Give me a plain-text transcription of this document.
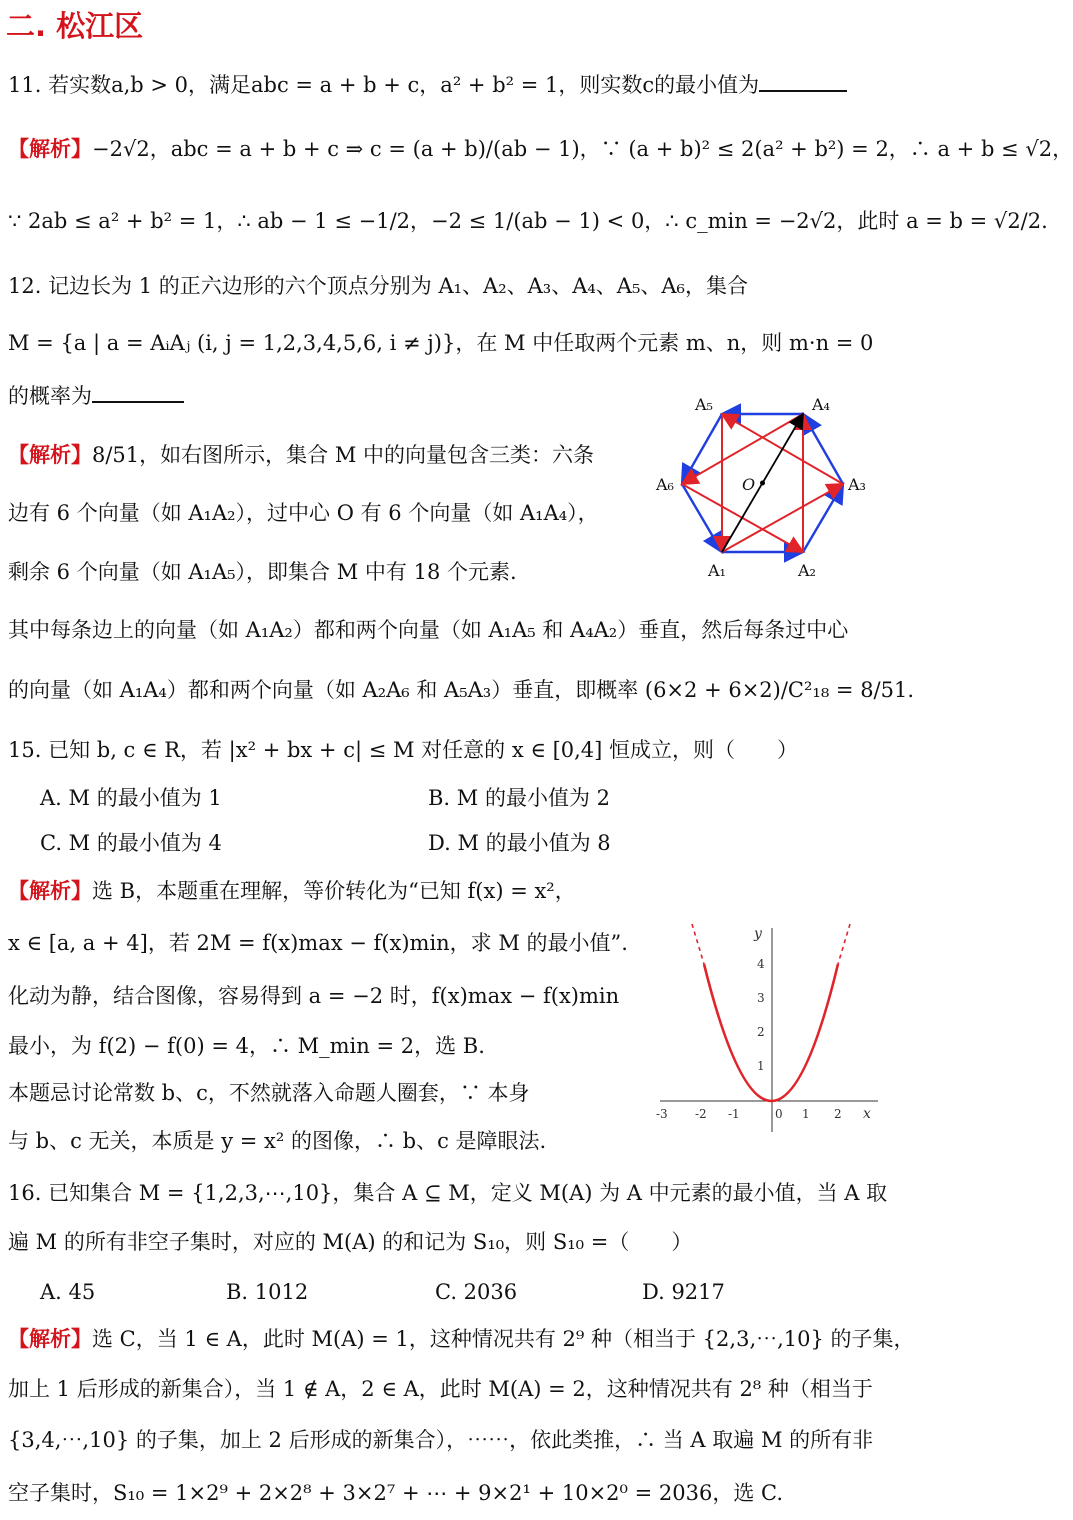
二. 松江区
11. 若实数a,b > 0，满足abc = a + b + c，a² + b² = 1，则实数c的最小值为
【解析】−2√2，abc = a + b + c ⇒ c = (a + b)/(ab − 1)，∵ (a + b)² ≤ 2(a² + b²) = 2，∴ a + b ≤ √2，
∵ 2ab ≤ a² + b² = 1，∴ ab − 1 ≤ −1/2，−2 ≤ 1/(ab − 1) < 0，∴ c_min = −2√2，此时 a = b = √2/2.
12. 记边长为 1 的正六边形的六个顶点分别为 A₁、A₂、A₃、A₄、A₅、A₆，集合
M = {a | a = AᵢAⱼ (i, j = 1,2,3,4,5,6, i ≠ j)}，在 M 中任取两个元素 m、n，则 m·n = 0
的概率为
【解析】8/51，如右图所示，集合 M 中的向量包含三类：六条
边有 6 个向量（如 A₁A₂），过中心 O 有 6 个向量（如 A₁A₄），
剩余 6 个向量（如 A₁A₅），即集合 M 中有 18 个元素.
其中每条边上的向量（如 A₁A₂）都和两个向量（如 A₁A₅ 和 A₄A₂）垂直，然后每条过中心
的向量（如 A₁A₄）都和两个向量（如 A₂A₆ 和 A₅A₃）垂直，即概率 (6×2 + 6×2)/C²₁₈ = 8/51.
A₁	A₂
A₃
A₄
A₅
A₆	O
15. 已知 b, c ∈ R，若 |x² + bx + c| ≤ M 对任意的 x ∈ [0,4] 恒成立，则（　　）
A. M 的最小值为 1	B. M 的最小值为 2
C. M 的最小值为 4	D. M 的最小值为 8
【解析】选 B，本题重在理解，等价转化为“已知 f(x) = x²，
x ∈ [a, a + 4]，若 2M = f(x)max − f(x)min，求 M 的最小值”.
化动为静，结合图像，容易得到 a = −2 时，f(x)max − f(x)min
最小，为 f(2) − f(0) = 4，∴ M_min = 2，选 B.
本题忌讨论常数 b、c，不然就落入命题人圈套，∵ 本身
与 b、c 无关，本质是 y = x² 的图像，∴ b、c 是障眼法.
-3 -2 -1	0 1 2
1
2
3
4
x
y
16. 已知集合 M = {1,2,3,⋯,10}，集合 A ⊆ M，定义 M(A) 为 A 中元素的最小值，当 A 取
遍 M 的所有非空子集时，对应的 M(A) 的和记为 S₁₀，则 S₁₀ =（　　）
A. 45	B. 1012	C. 2036	D. 9217
【解析】选 C，当 1 ∈ A，此时 M(A) = 1，这种情况共有 2⁹ 种（相当于 {2,3,⋯,10} 的子集，
加上 1 后形成的新集合），当 1 ∉ A，2 ∈ A，此时 M(A) = 2，这种情况共有 2⁸ 种（相当于
{3,4,⋯,10} 的子集，加上 2 后形成的新集合），⋯⋯，依此类推，∴ 当 A 取遍 M 的所有非
空子集时，S₁₀ = 1×2⁹ + 2×2⁸ + 3×2⁷ + ⋯ + 9×2¹ + 10×2⁰ = 2036，选 C.
